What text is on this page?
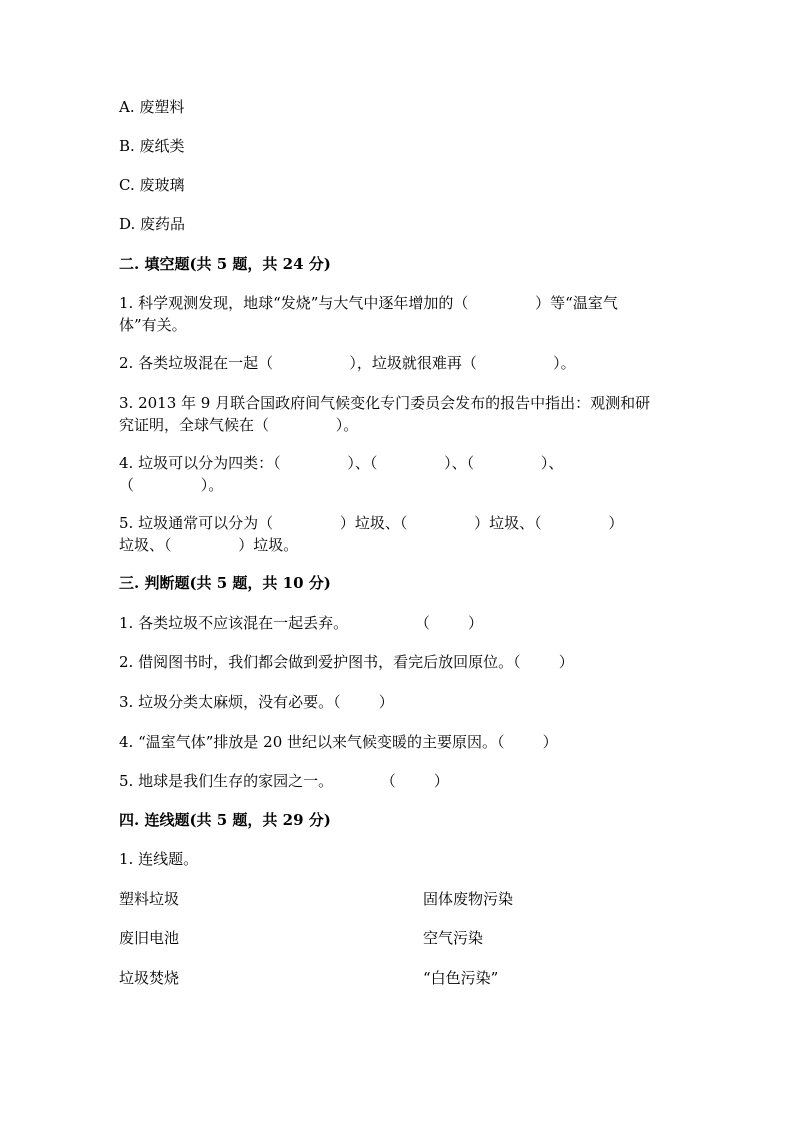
A. 废塑料
B. 废纸类
C. 废玻璃
D. 废药品
二. 填空题(共 5 题，共 24 分)
1. 科学观测发现，地球“发烧”与大气中逐年增加的（              ）等“温室气
体”有关。
2. 各类垃圾混在一起（                ），垃圾就很难再（                ）。
3. 2013 年 9 月联合国政府间气候变化专门委员会发布的报告中指出：观测和研
究证明，全球气候在（              ）。
4. 垃圾可以分为四类：（              ）、（              ）、（              ）、
（              ）。
5. 垃圾通常可以分为（              ）垃圾、（              ）垃圾、（              ）
垃圾、（              ）垃圾。
三. 判断题(共 5 题，共 10 分)
1. 各类垃圾不应该混在一起丢弃。              （        ）
2. 借阅图书时，我们都会做到爱护图书，看完后放回原位。（        ）
3. 垃圾分类太麻烦，没有必要。（        ）
4. “温室气体”排放是 20 世纪以来气候变暖的主要原因。（        ）
5. 地球是我们生存的家园之一。          （        ）
四. 连线题(共 5 题，共 29 分)
1. 连线题。
塑料垃圾	固体废物污染
废旧电池	空气污染
垃圾焚烧	“白色污染”
